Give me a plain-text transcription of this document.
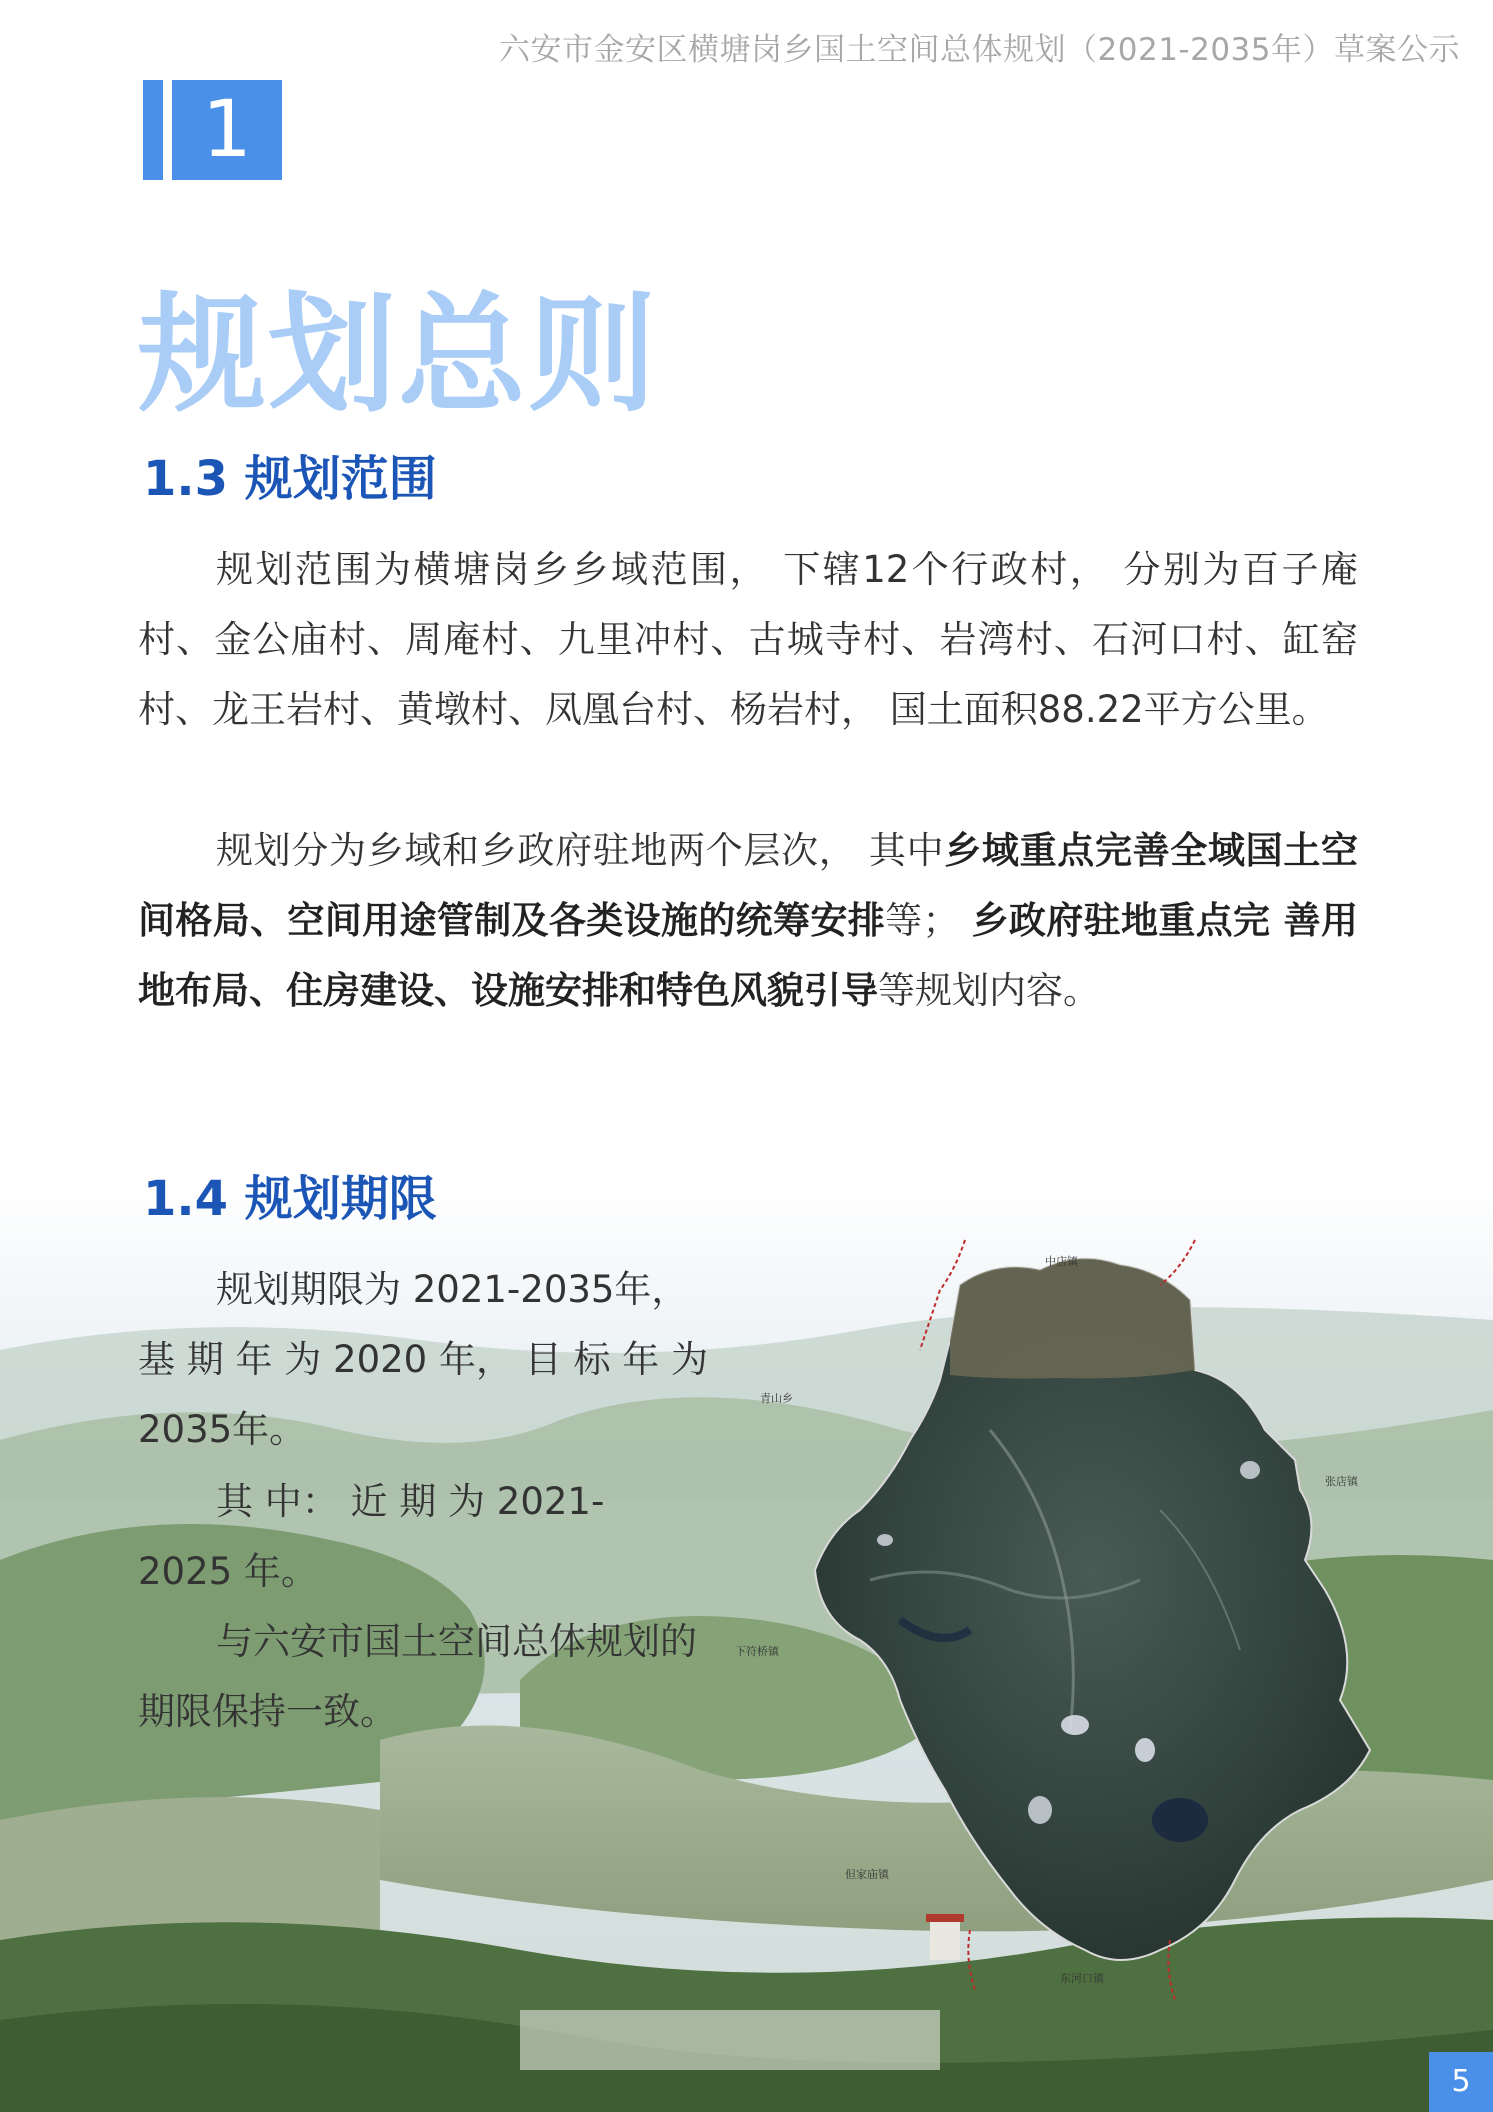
六安市金安区横塘岗乡国土空间总体规划（2021-2035年）草案公示
1
规划总则
1.3 规划范围

规划范围为横塘岗乡乡域范围， 下辖12个行政村， 分别为百子庵村、金公庙村、周庵村、九里冲村、古城寺村、岩湾村、石河口村、缸窑村、龙王岩村、黄墩村、凤凰台村、杨岩村， 国土面积88.22平方公里。

规划分为乡域和乡政府驻地两个层次， 其中乡域重点完善全域国土空间格局、空间用途管制及各类设施的统筹安排等； 乡政府驻地重点完 善用地布局、住房建设、设施安排和特色风貌引导等规划内容。

1.4 规划期限

规划期限为 2021-2035年， 基 期 年 为 2020 年， 目 标 年 为 2035年。

其 中： 近 期 为 2021-2025 年。

与六安市国土空间总体规划的期限保持一致。

中店镇
青山乡
张店镇
下符桥镇
但家庙镇
东河口镇
5
